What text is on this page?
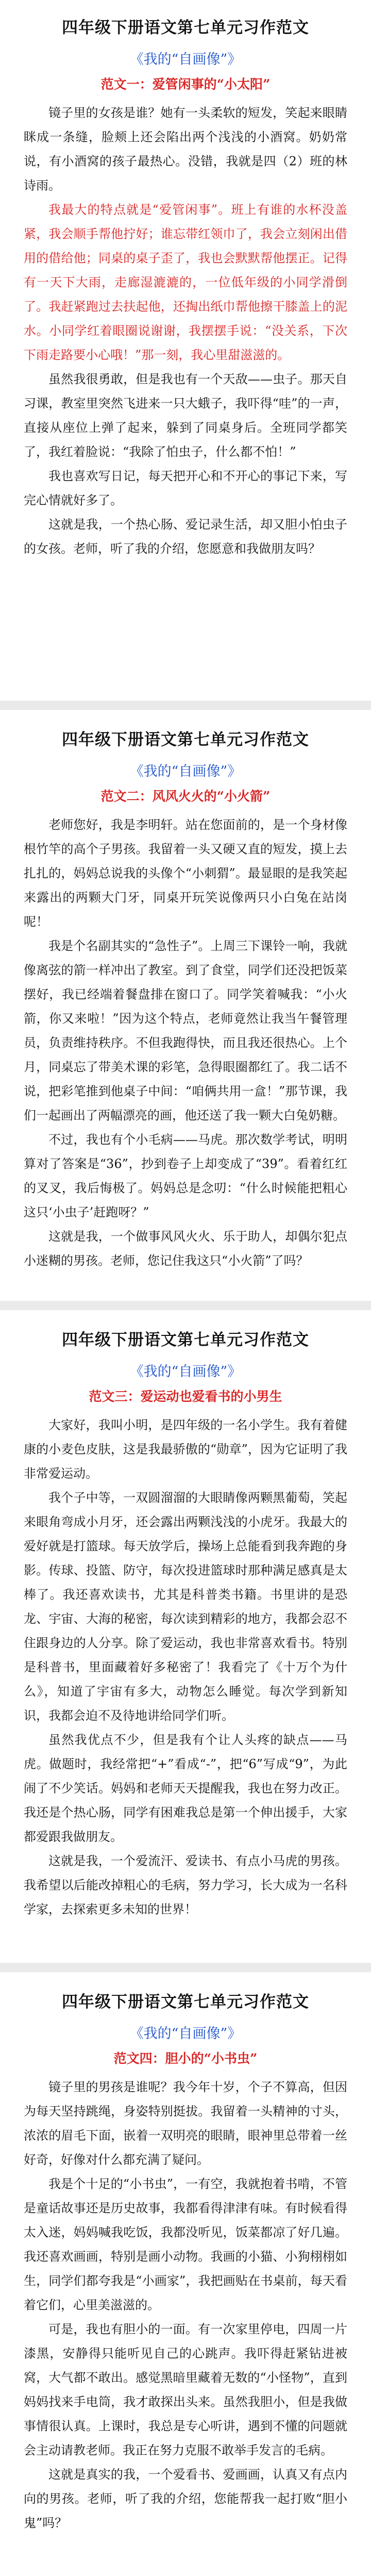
四年级下册语文第七单元习作范文
《我的“自画像”》
范文一：爱管闲事的“小太阳”

镜子里的女孩是谁？她有一头柔软的短发，笑起来眼睛眯成一条缝，脸颊上还会陷出两个浅浅的小酒窝。奶奶常说，有小酒窝的孩子最热心。没错，我就是四（2）班的林诗雨。

我最大的特点就是“爱管闲事”。班上有谁的水杯没盖紧，我会顺手帮他拧好；谁忘带红领巾了，我会立刻闲出借用的借给他；同桌的桌子歪了，我也会默默帮他摆正。记得有一天下大雨，走廊湿漉漉的，一位低年级的小同学滑倒了。我赶紧跑过去扶起他，还掏出纸巾帮他擦干膝盖上的泥水。小同学红着眼圈说谢谢，我摆摆手说：“没关系，下次下雨走路要小心哦！”那一刻，我心里甜滋滋的。

虽然我很勇敢，但是我也有一个天敌——虫子。那天自习课，教室里突然飞进来一只大蛾子，我吓得“哇”的一声，直接从座位上弹了起来，躲到了同桌身后。全班同学都笑了，我红着脸说：“我除了怕虫子，什么都不怕！”

我也喜欢写日记，每天把开心和不开心的事记下来，写完心情就好多了。

这就是我，一个热心肠、爱记录生活，却又胆小怕虫子的女孩。老师，听了我的介绍，您愿意和我做朋友吗？

四年级下册语文第七单元习作范文
《我的“自画像”》
范文二：风风火火的“小火箭”

老师您好，我是李明轩。站在您面前的，是一个身材像根竹竿的高个子男孩。我留着一头又硬又直的短发，摸上去扎扎的，妈妈总说我的头像个“小刺猬”。最显眼的是我笑起来露出的两颗大门牙，同桌开玩笑说像两只小白兔在站岗呢！

我是个名副其实的“急性子”。上周三下课铃一响，我就像离弦的箭一样冲出了教室。到了食堂，同学们还没把饭菜摆好，我已经端着餐盘排在窗口了。同学笑着喊我：“小火箭，你又来啦！”因为这个特点，老师竟然让我当午餐管理员，负责维持秩序。不但我跑得快，而且我还很热心。上个月，同桌忘了带美术课的彩笔，急得眼圈都红了。我二话不说，把彩笔推到他桌子中间：“咱俩共用一盒！”那节课，我们一起画出了两幅漂亮的画，他还送了我一颗大白兔奶糖。

不过，我也有个小毛病——马虎。那次数学考试，明明算对了答案是“36”，抄到卷子上却变成了“39”。看着红红的叉叉，我后悔极了。妈妈总是念叨：“什么时候能把粗心这只‘小虫子’赶跑呀？”

这就是我，一个做事风风火火、乐于助人，却偶尔犯点小迷糊的男孩。老师，您记住我这只“小火箭”了吗？

四年级下册语文第七单元习作范文
《我的“自画像”》
范文三：爱运动也爱看书的小男生

大家好，我叫小明，是四年级的一名小学生。我有着健康的小麦色皮肤，这是我最骄傲的“勋章”，因为它证明了我非常爱运动。

我个子中等，一双圆溜溜的大眼睛像两颗黑葡萄，笑起来眼角弯成小月牙，还会露出两颗浅浅的小虎牙。我最大的爱好就是打篮球。每天放学后，操场上总能看到我奔跑的身影。传球、投篮、防守，每次投进篮球时那种满足感真是太棒了。我还喜欢读书，尤其是科普类书籍。书里讲的是恐龙、宇宙、大海的秘密，每次读到精彩的地方，我都会忍不住跟身边的人分享。除了爱运动，我也非常喜欢看书。特别是科普书，里面藏着好多秘密了！我看完了《十万个为什么》，知道了宇宙有多大，动物怎么睡觉。每次学到新知识，我都会迫不及待地讲给同学们听。

虽然我优点不少，但是我有个让人头疼的缺点——马虎。做题时，我经常把“+”看成“-”，把“6”写成“9”，为此闹了不少笑话。妈妈和老师天天提醒我，我也在努力改正。我还是个热心肠，同学有困难我总是第一个伸出援手，大家都爱跟我做朋友。

这就是我，一个爱流汗、爱读书、有点小马虎的男孩。我希望以后能改掉粗心的毛病，努力学习，长大成为一名科学家，去探索更多未知的世界！

四年级下册语文第七单元习作范文
《我的“自画像”》
范文四：胆小的“小书虫”

镜子里的男孩是谁呢？我今年十岁，个子不算高，但因为每天坚持跳绳，身姿特别挺拔。我留着一头精神的寸头，浓浓的眉毛下面，嵌着一双明亮的眼睛，眼神里总带着一丝好奇，好像对什么都充满了疑问。

我是个十足的“小书虫”，一有空，我就抱着书啃，不管是童话故事还是历史故事，我都看得津津有味。有时候看得太入迷，妈妈喊我吃饭，我都没听见，饭菜都凉了好几遍。我还喜欢画画，特别是画小动物。我画的小猫、小狗栩栩如生，同学们都夸我是“小画家”，我把画贴在书桌前，每天看着它们，心里美滋滋的。

可是，我也有胆小的一面。有一次家里停电，四周一片漆黑，安静得只能听见自己的心跳声。我吓得赶紧钻进被窝，大气都不敢出。感觉黑暗里藏着无数的“小怪物”，直到妈妈找来手电筒，我才敢探出头来。虽然我胆小，但是我做事情很认真。上课时，我总是专心听讲，遇到不懂的问题就会主动请教老师。我正在努力克服不敢举手发言的毛病。

这就是真实的我，一个爱看书、爱画画，认真又有点内向的男孩。老师，听了我的介绍，您能帮我一起打败“胆小鬼”吗？
